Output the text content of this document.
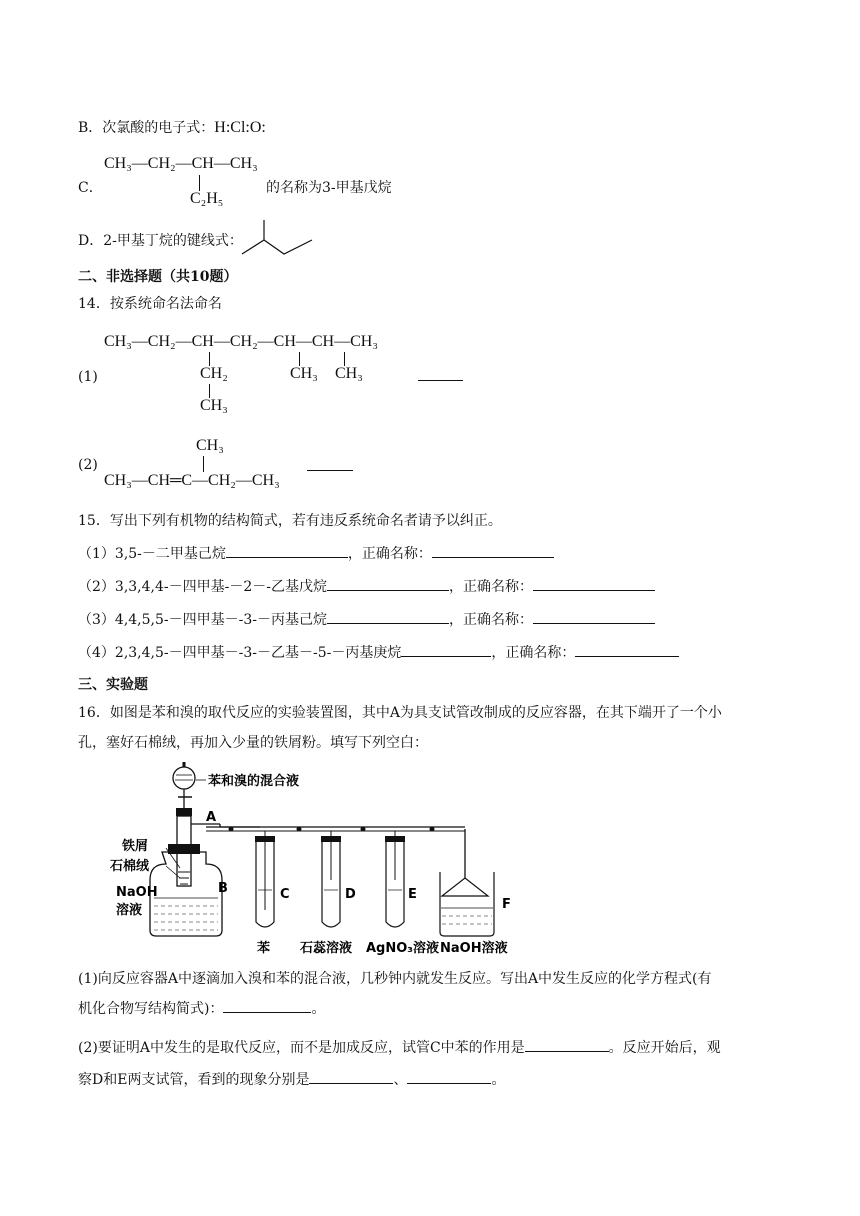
B．次氯酸的电子式：H:Cl:O:
C．
CH₃—CH₂—CH—CH₃
C₂H₅
的名称为3-甲基戊烷
D．2-甲基丁烷的键线式：
二、非选择题（共10题）
14．按系统命名法命名
(1)
CH₃—CH₂—CH—CH₂—CH—CH—CH₃
CH₂
CH₃
CH₃ CH₃
(2)
CH₃
CH₃—CH═C—CH₂—CH₃
15．写出下列有机物的结构简式，若有违反系统命名者请予以纠正。
（1）3,5-－二甲基己烷	，正确名称：
（2）3,3,4,4-－四甲基-－2－-乙基戊烷	，正确名称：
（3）4,4,5,5-－四甲基－-3-－丙基己烷	，正确名称：
（4）2,3,4,5-－四甲基－-3-－乙基－-5-－丙基庚烷	，正确名称：
三、实验题
16．如图是苯和溴的取代反应的实验装置图，其中A为具支试管改制成的反应容器，在其下端开了一个小
孔，塞好石棉绒，再加入少量的铁屑粉。填写下列空白：
苯和溴的混合液
A
铁屑
石棉绒
NaOH
溶液
B	C	D	E
F
苯 石蕊溶液 AgNO₃溶液 NaOH溶液
(1)向反应容器A中逐滴加入溴和苯的混合液，几秒钟内就发生反应。写出A中发生反应的化学方程式(有
机化合物写结构简式)：	。
(2)要证明A中发生的是取代反应，而不是加成反应，试管C中苯的作用是	。反应开始后，观
察D和E两支试管，看到的现象分别是	、	。
